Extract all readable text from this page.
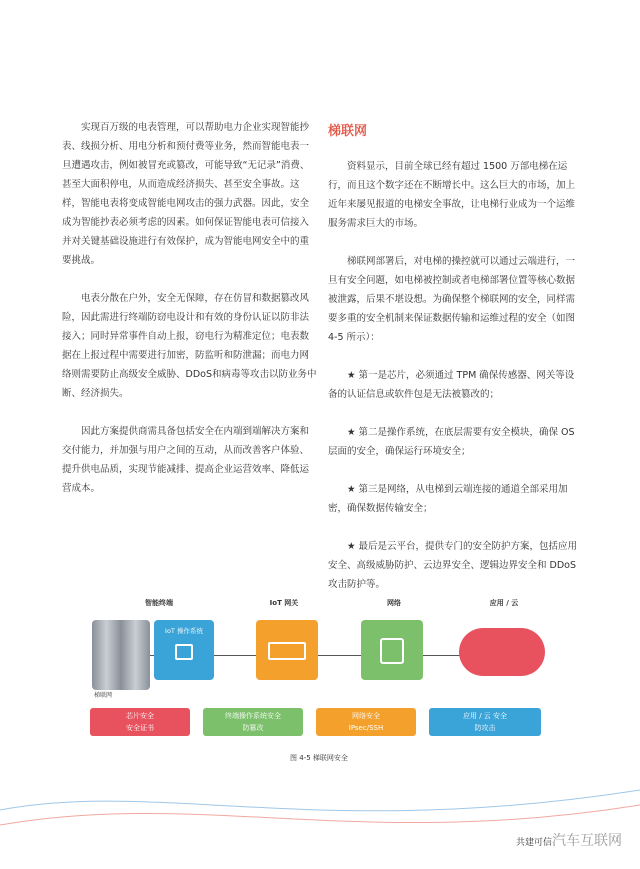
实现百万级的电表管理，可以帮助电力企业实现智能抄表、线损分析、用电分析和预付费等业务，然而智能电表一旦遭遇攻击，例如被冒充或篡改，可能导致“无记录”消费、甚至大面积停电，从而造成经济损失、甚至安全事故。这样，智能电表将变成智能电网攻击的强力武器。因此，安全成为智能抄表必须考虑的因素。如何保证智能电表可信接入并对关键基础设施进行有效保护，成为智能电网安全中的重要挑战。

电表分散在户外，安全无保障，存在仿冒和数据篡改风险，因此需进行终端防窃电设计和有效的身份认证以防非法接入；同时异常事件自动上报，窃电行为精准定位；电表数据在上报过程中需要进行加密，防监听和防泄漏；而电力网络则需要防止高级安全威胁、DDoS和病毒等攻击以防业务中断、经济损失。

因此方案提供商需具备包括安全在内端到端解决方案和交付能力，并加强与用户之间的互动，从而改善客户体验、提升供电品质，实现节能减排、提高企业运营效率、降低运营成本。

梯联网

资料显示，目前全球已经有超过 1500 万部电梯在运行，而且这个数字还在不断增长中。这么巨大的市场，加上近年来屡见报道的电梯安全事故，让电梯行业成为一个运维服务需求巨大的市场。

梯联网部署后，对电梯的操控就可以通过云端进行，一旦有安全问题，如电梯被控制或者电梯部署位置等核心数据被泄露，后果不堪设想。为确保整个梯联网的安全，同样需要多重的安全机制来保证数据传输和运维过程的安全（如图 4-5 所示）：

★ 第一是芯片，必须通过 TPM 确保传感器、网关等设备的认证信息或软件包是无法被篡改的；

★ 第二是操作系统，在底层需要有安全模块，确保 OS 层面的安全，确保运行环境安全；

★ 第三是网络，从电梯到云端连接的通道全部采用加密，确保数据传输安全；

★ 最后是云平台，提供专门的安全防护方案，包括应用安全、高级威胁防护、云边界安全、逻辑边界安全和 DDoS 攻击防护等。

智能终端	IoT 网关	网络	应用 / 云
梯联网
IoT 操作系统
芯片安全
安全证书
终端操作系统安全
防篡改
网络安全
IPsec/SSH
应用 / 云 安全
防攻击
图 4-5 梯联网安全
共建可信 汽车互联网
